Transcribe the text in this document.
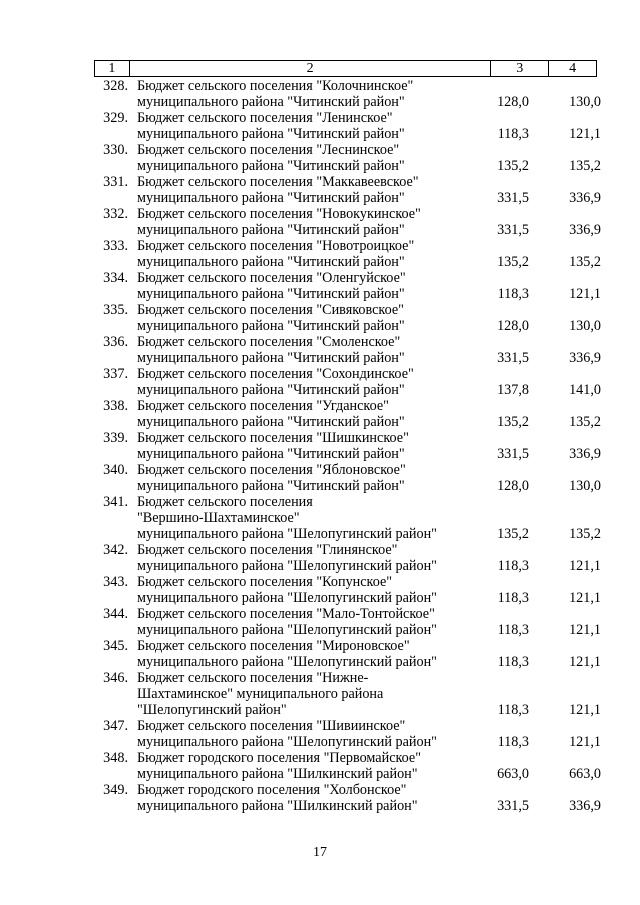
1	2	3	4
328. Бюджет сельского поселения "Колочнинское"
муниципального района "Читинский район"	128,0	130,0
329. Бюджет сельского поселения "Ленинское"
муниципального района "Читинский район"	118,3	121,1
330. Бюджет сельского поселения "Леснинское"
муниципального района "Читинский район"	135,2	135,2
331. Бюджет сельского поселения "Маккавеевское"
муниципального района "Читинский район"	331,5	336,9
332. Бюджет сельского поселения "Новокукинское"
муниципального района "Читинский район"	331,5	336,9
333. Бюджет сельского поселения "Новотроицкое"
муниципального района "Читинский район"	135,2	135,2
334. Бюджет сельского поселения "Оленгуйское"
муниципального района "Читинский район"	118,3	121,1
335. Бюджет сельского поселения "Сивяковское"
муниципального района "Читинский район"	128,0	130,0
336. Бюджет сельского поселения "Смоленское"
муниципального района "Читинский район"	331,5	336,9
337. Бюджет сельского поселения "Сохондинское"
муниципального района "Читинский район"	137,8	141,0
338. Бюджет сельского поселения "Угданское"
муниципального района "Читинский район"	135,2	135,2
339. Бюджет сельского поселения "Шишкинское"
муниципального района "Читинский район"	331,5	336,9
340. Бюджет сельского поселения "Яблоновское"
муниципального района "Читинский район"	128,0	130,0
341. Бюджет сельского поселения
"Вершино-Шахтаминское"
муниципального района "Шелопугинский район"	135,2	135,2
342. Бюджет сельского поселения "Глинянское"
муниципального района "Шелопугинский район"	118,3	121,1
343. Бюджет сельского поселения "Копунское"
муниципального района "Шелопугинский район"	118,3	121,1
344. Бюджет сельского поселения "Мало-Тонтойское"
муниципального района "Шелопугинский район"	118,3	121,1
345. Бюджет сельского поселения "Мироновское"
муниципального района "Шелопугинский район"	118,3	121,1
346. Бюджет сельского поселения "Нижне-
Шахтаминское" муниципального района
"Шелопугинский район"	118,3	121,1
347. Бюджет сельского поселения "Шивиинское"
муниципального района "Шелопугинский район"	118,3	121,1
348. Бюджет городского поселения "Первомайское"
муниципального района "Шилкинский район"	663,0	663,0
349. Бюджет городского поселения "Холбонское"
муниципального района "Шилкинский район"	331,5	336,9
17
